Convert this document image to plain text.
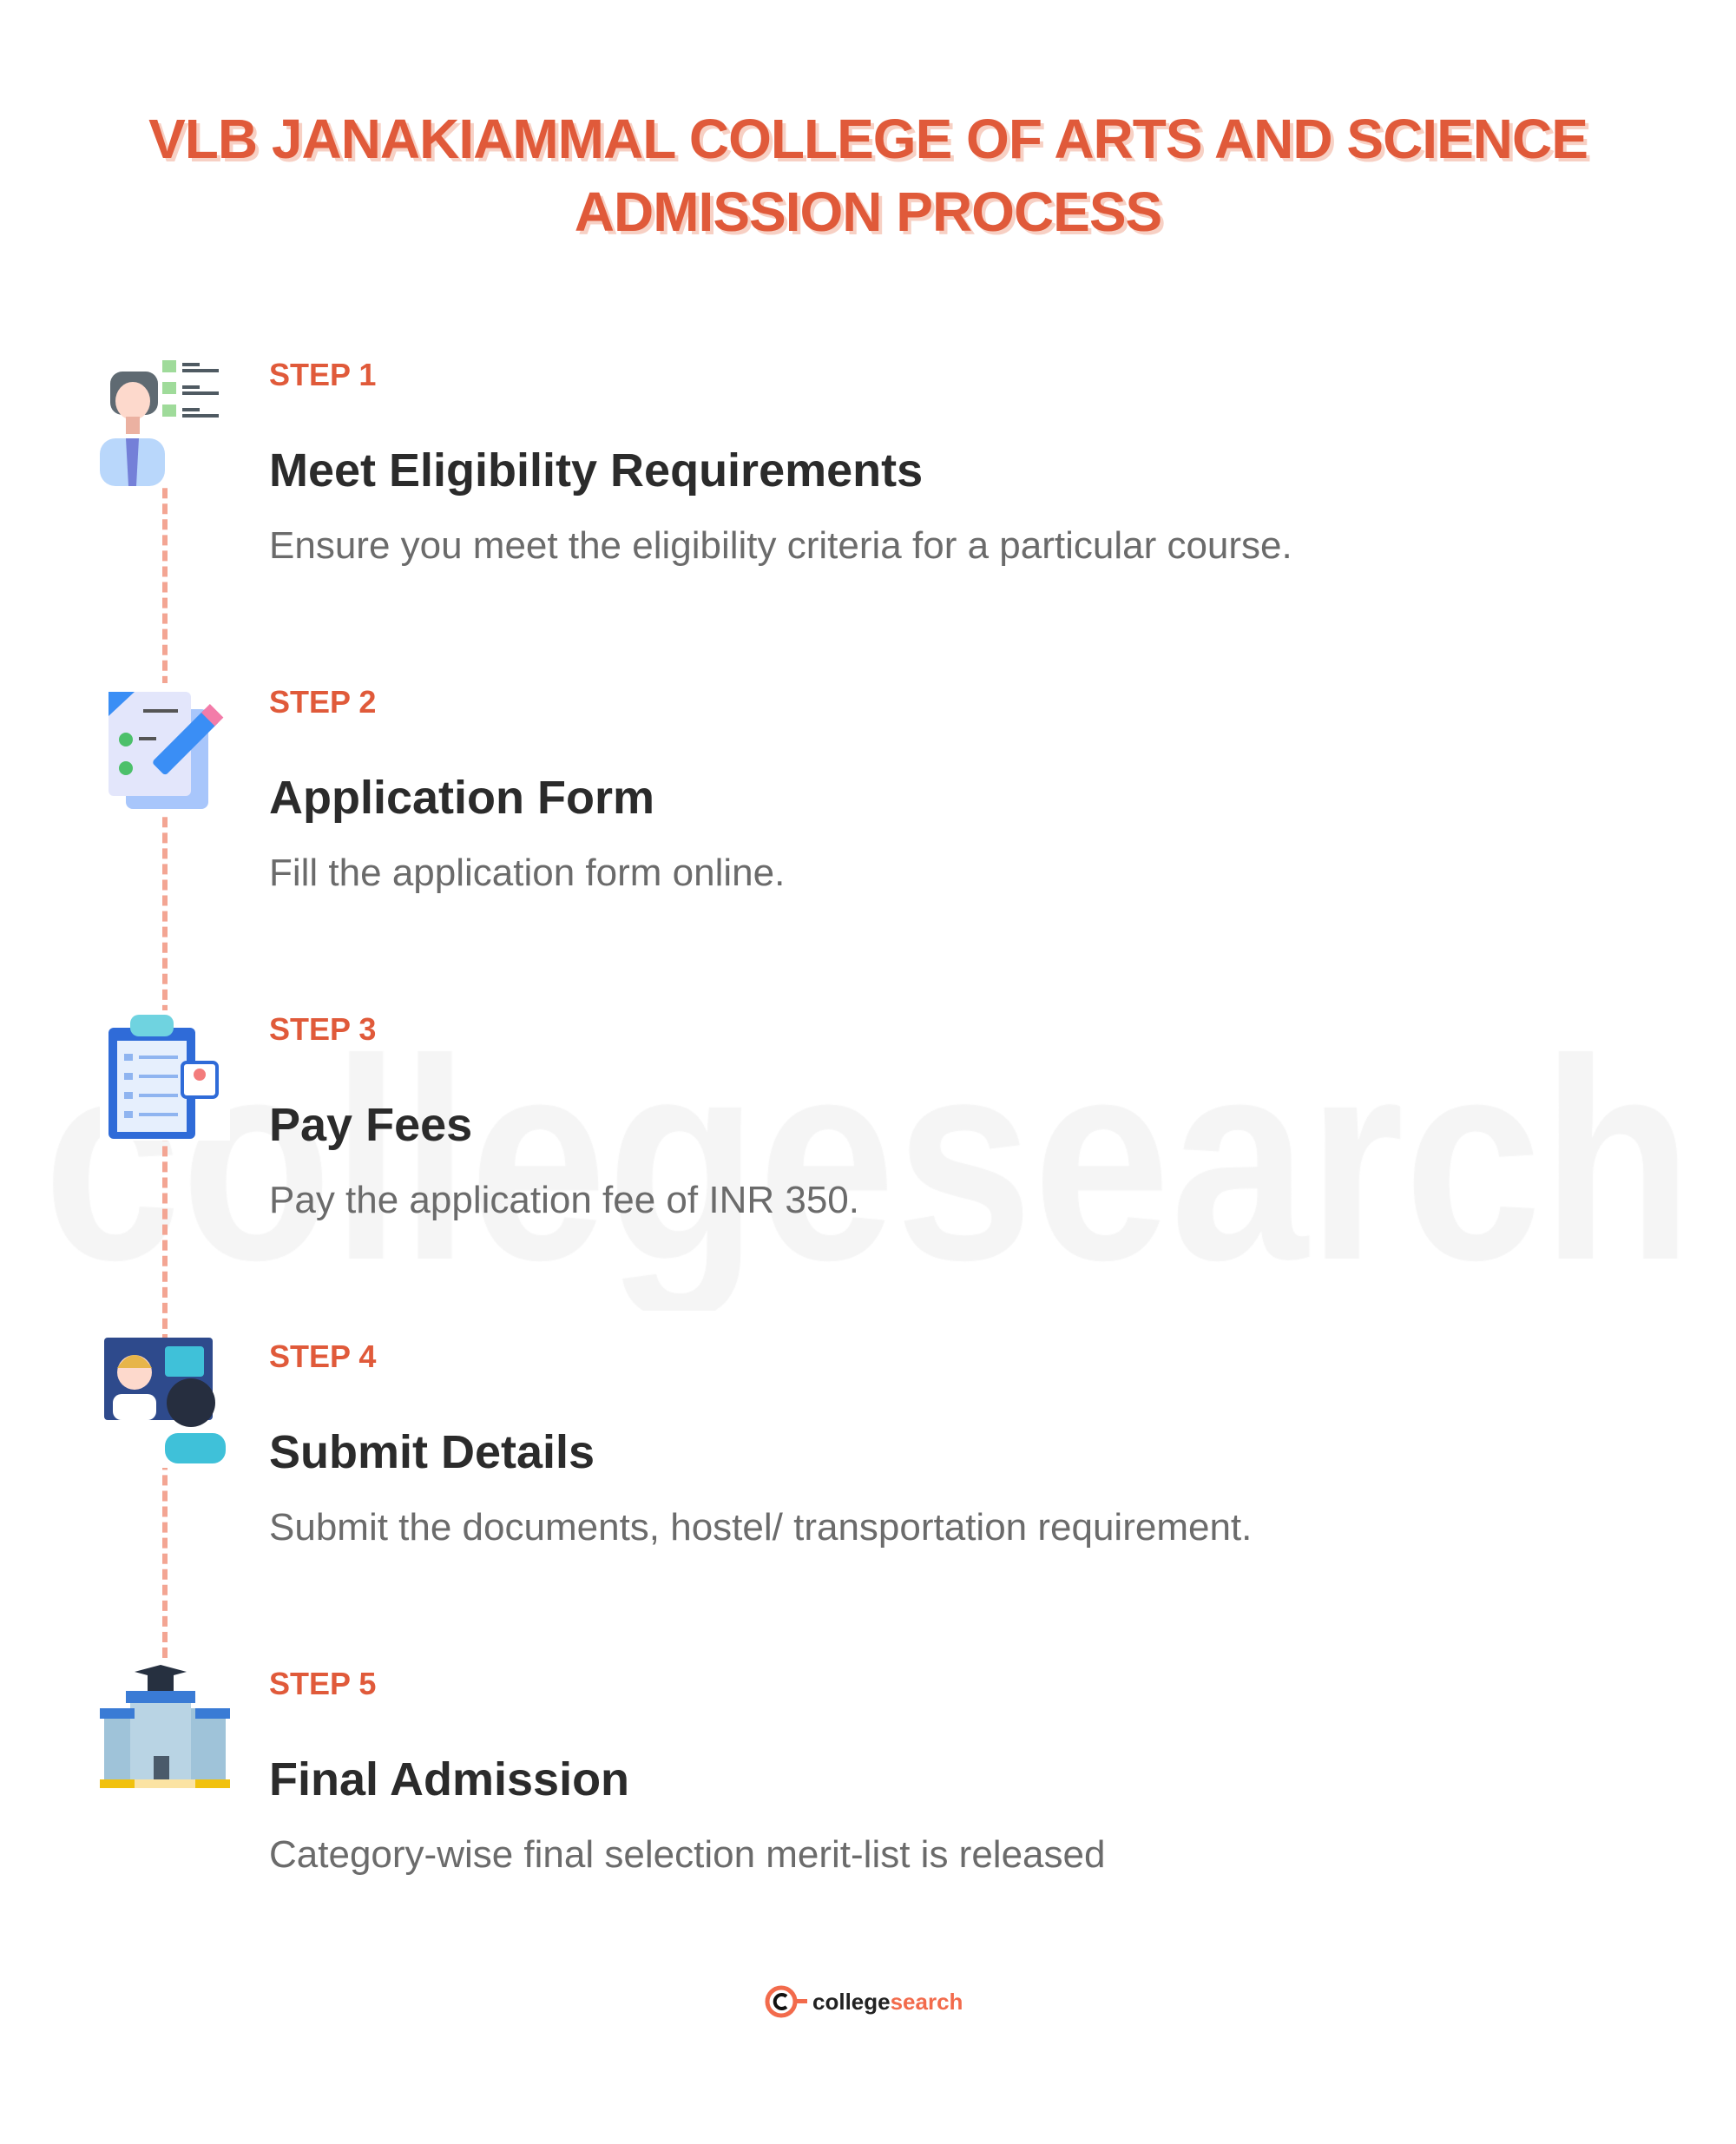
VLB JANAKIAMMAL COLLEGE OF ARTS AND SCIENCE
ADMISSION PROCESS
STEP 1
Meet Eligibility Requirements
Ensure you meet the eligibility criteria for a particular course.
STEP 2
Application Form
Fill the application form online.
STEP 3
Pay Fees
Pay the application fee of INR 350.
STEP 4
Submit Details
Submit the documents, hostel/ transportation requirement.
STEP 5
Final Admission
Category-wise final selection merit-list is released
college search
